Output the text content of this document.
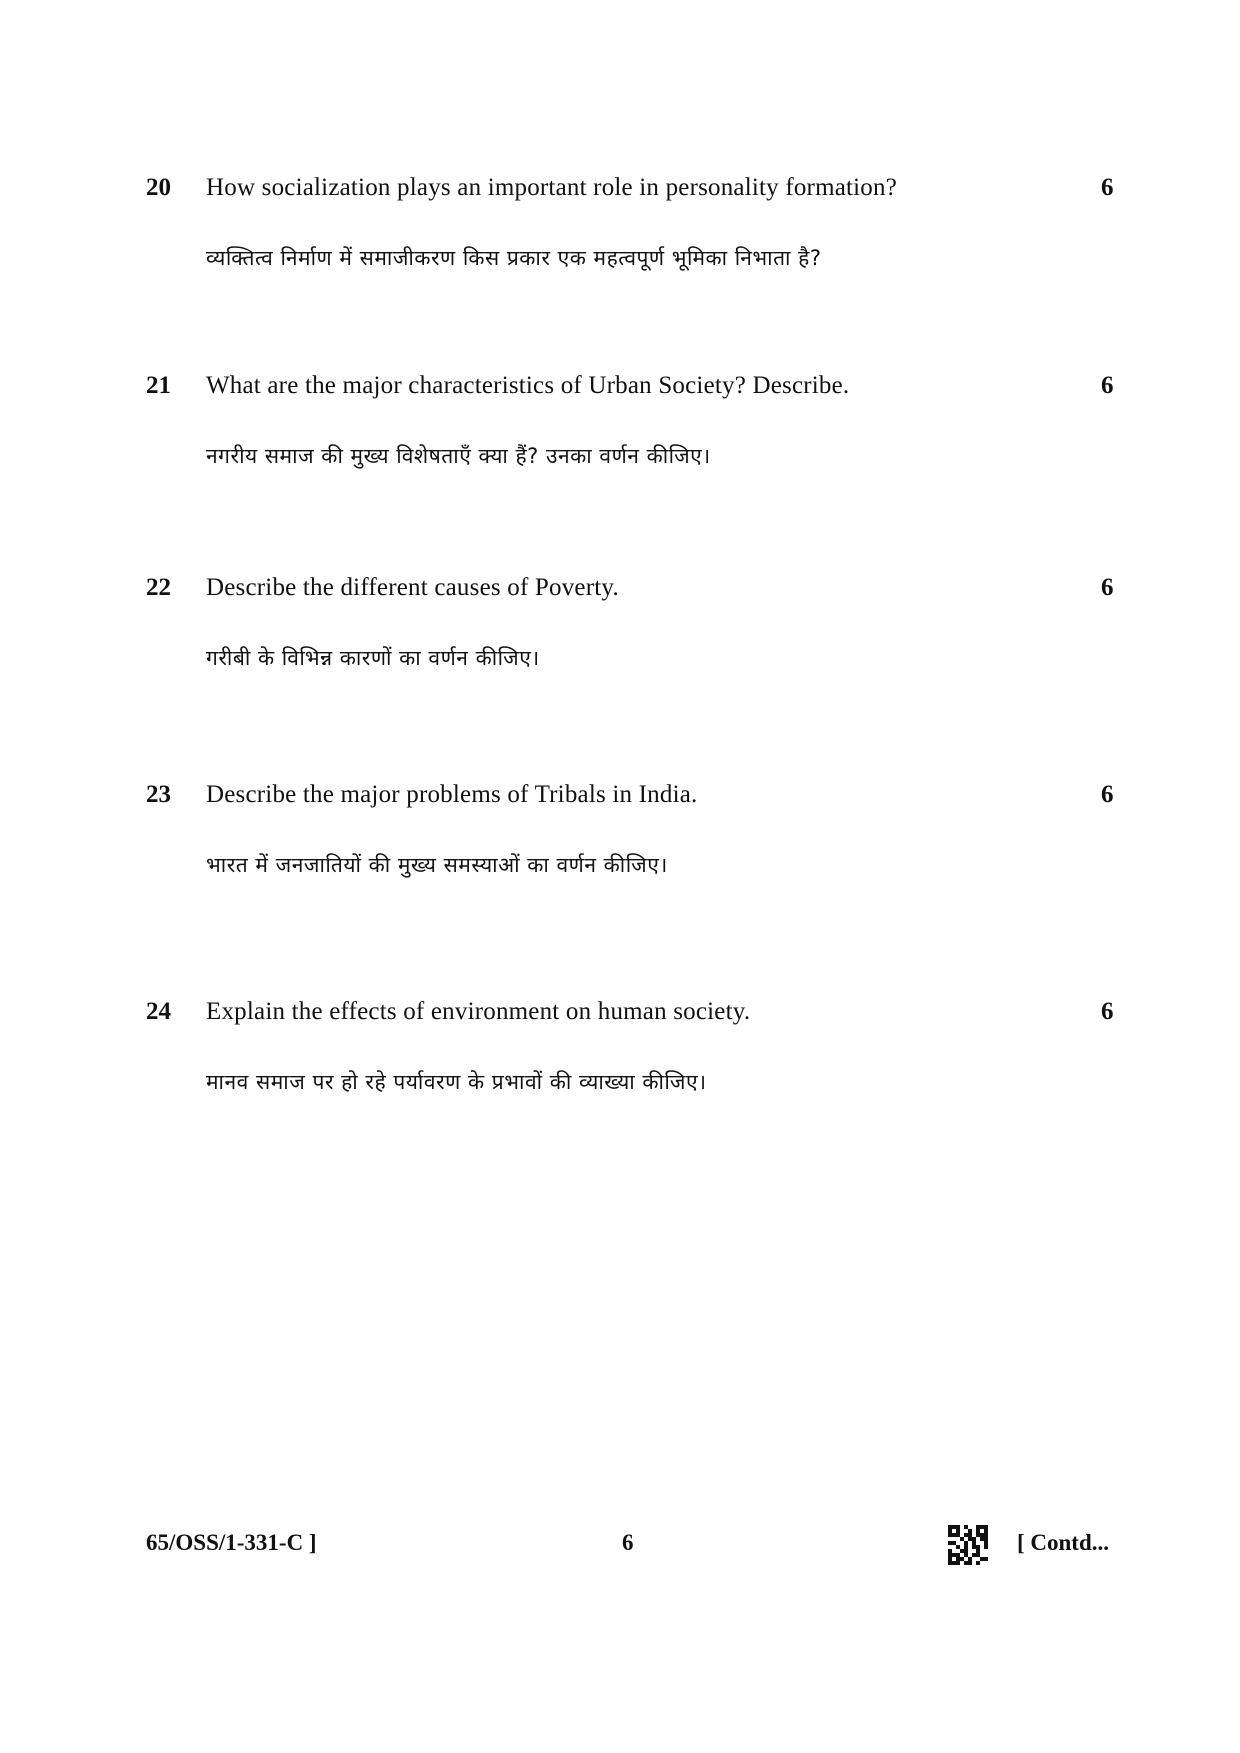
20 How socialization plays an important role in personality formation?	6
व्यक्तित्व निर्माण में समाजीकरण किस प्रकार एक महत्वपूर्ण भूमिका निभाता है?
21 What are the major characteristics of Urban Society? Describe.	6
नगरीय समाज की मुख्य विशेषताएँ क्या हैं? उनका वर्णन कीजिए।
22 Describe the different causes of Poverty.	6
गरीबी के विभिन्न कारणों का वर्णन कीजिए।
23 Describe the major problems of Tribals in India.	6
भारत में जनजातियों की मुख्य समस्याओं का वर्णन कीजिए।
24 Explain the effects of environment on human society.	6
मानव समाज पर हो रहे पर्यावरण के प्रभावों की व्याख्या कीजिए।
65/OSS/1-331-C ]	6	[ Contd...
